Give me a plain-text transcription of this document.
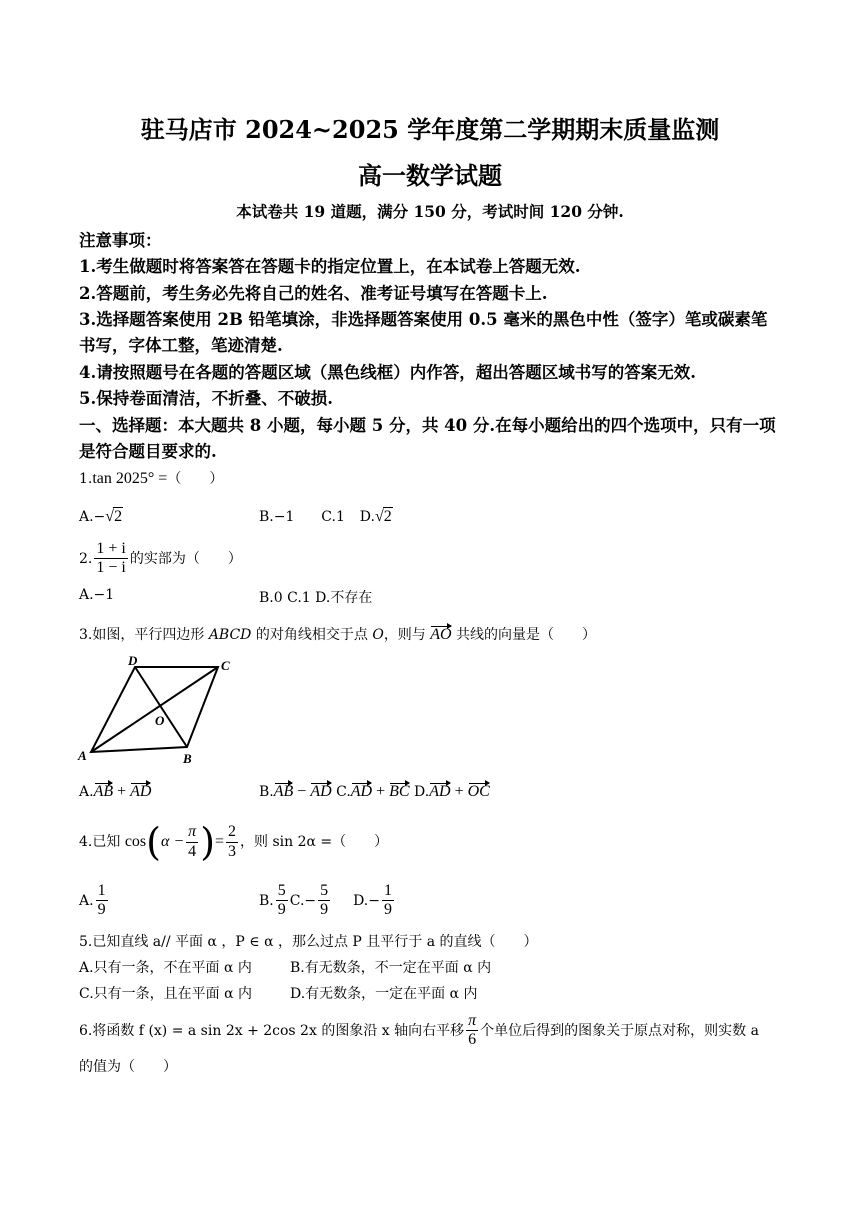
驻马店市 2024~2025 学年度第二学期期末质量监测
高一数学试题
本试卷共 19 道题，满分 150 分，考试时间 120 分钟.
注意事项：
1.考生做题时将答案答在答题卡的指定位置上，在本试卷上答题无效.
2.答题前，考生务必先将自己的姓名、准考证号填写在答题卡上.
3.选择题答案使用 2B 铅笔填涂，非选择题答案使用 0.5 毫米的黑色中性（签字）笔或碳素笔
书写，字体工整，笔迹清楚.
4.请按照题号在各题的答题区域（黑色线框）内作答，超出答题区域书写的答案无效.
5.保持卷面清洁，不折叠、不破损.
一、选择题：本大题共 8 小题，每小题 5 分，共 40 分.在每小题给出的四个选项中，只有一项
是符合题目要求的.
1.tan 2025° =（　　）
A.−√2	B.−1 C.1 D.√2
2. $\frac{1 + i}{1 - i}$ 的实部为（　　）
A.−1	B.0 C.1 D.不存在
3.如图，平行四边形 ABCD 的对角线相交于点 O，则与 AO 共线的向量是（　　）
A	B
C
D
O
A.AB + AD	B.AB − AD C.AD + BC D.AD + OC
4.已知 $\cos(\alpha - \frac{\pi}{4}$ )= $\frac{2}{3}$ ，则 sin 2α =（　　）
A. $\frac{1}{9}$	B. $\frac{5}{9} C.- \frac{5}{9} D.- \frac{1}{9}$
5.已知直线 a// 平面 α ，P ∈ α ，那么过点 P 且平行于 a 的直线（　　）
A.只有一条，不在平面 α 内	B.有无数条，不一定在平面 α 内
C.只有一条，且在平面 α 内	D.有无数条，一定在平面 α 内
6.将函数 f (x) = a sin 2x + 2cos 2x 的图象沿 x 轴向右平移 $\frac{\pi}{6}$ 个单位后得到的图象关于原点对称，则实数 a
的值为（　　）
